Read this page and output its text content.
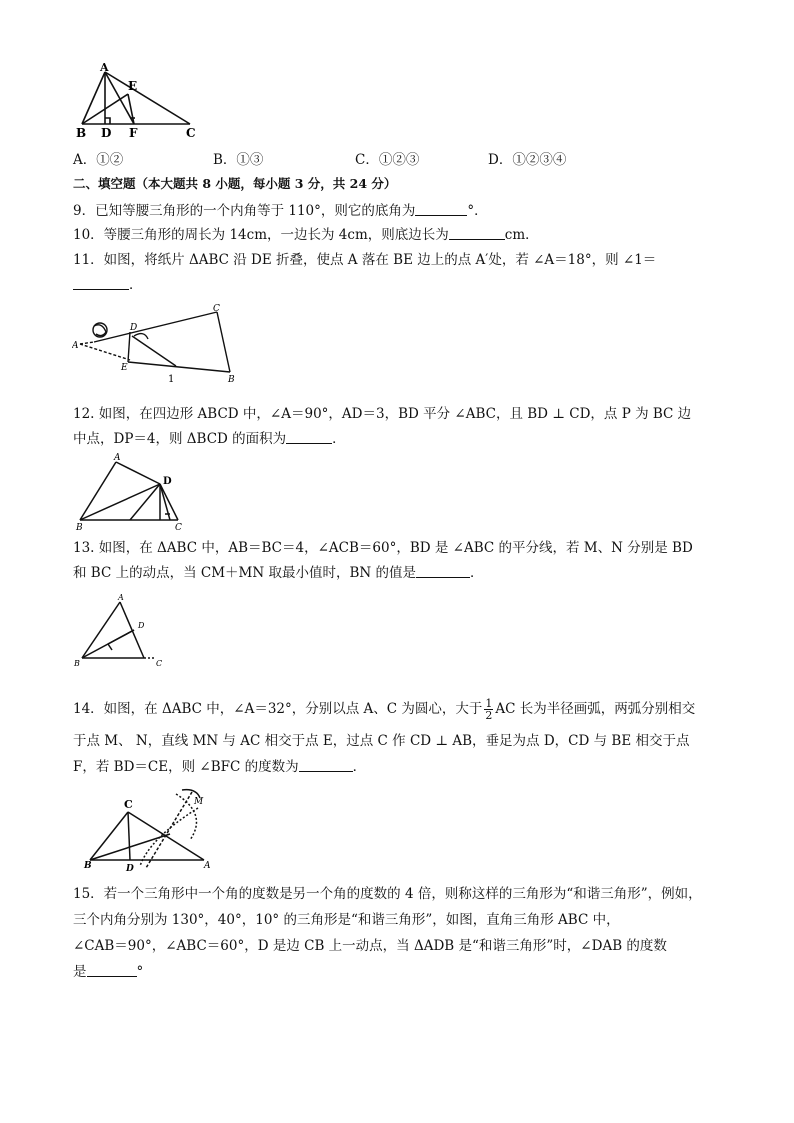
A
E
B D F	C
A．①②	B．①③	C．①②③	D．①②③④
二、填空题（本大题共 8 小题，每小题 3 分，共 24 分）
9．已知等腰三角形的一个内角等于 110°，则它的底角为	°．
10．等腰三角形的周长为 14cm，一边长为 4cm，则底边长为	cm．
11．如图，将纸片 ΔABC 沿 DE 折叠，使点 A 落在 BE 边上的点 A′处，若 ∠A＝18°，则 ∠1＝
．
C
A
D
E
1	B
12. 如图，在四边形 ABCD 中，∠A＝90°，AD＝3，BD 平分 ∠ABC，且 BD ⊥ CD，点 P 为 BC 边
中点，DP＝4，则 ΔBCD 的面积为	．
A
D
B	C
13. 如图，在 ΔABC 中，AB＝BC＝4，∠ACB＝60°，BD 是 ∠ABC 的平分线，若 M、N 分别是 BD
和 BC 上的动点，当 CM＋MN 取最小值时，BN 的值是	．
A
D
B	C
14．如图，在 ΔABC 中，∠A＝32°，分别以点 A、C 为圆心，大于 $\frac{1}{2}$ AC 长为半径画弧，两弧分别相交
于点 M、 N，直线 MN 与 AC 相交于点 E，过点 C 作 CD ⊥ AB，垂足为点 D，CD 与 BE 相交于点
F，若 BD＝CE，则 ∠BFC 的度数为	．
C	M
B	D	A
15．若一个三角形中一个角的度数是另一个角的度数的 4 倍，则称这样的三角形为“和谐三角形”，例如，
三个内角分别为 130°，40°，10° 的三角形是“和谐三角形”，如图，直角三角形 ABC 中，
∠CAB＝90°，∠ABC＝60°，D 是边 CB 上一动点，当 ΔADB 是“和谐三角形”时，∠DAB 的度数
是	°
